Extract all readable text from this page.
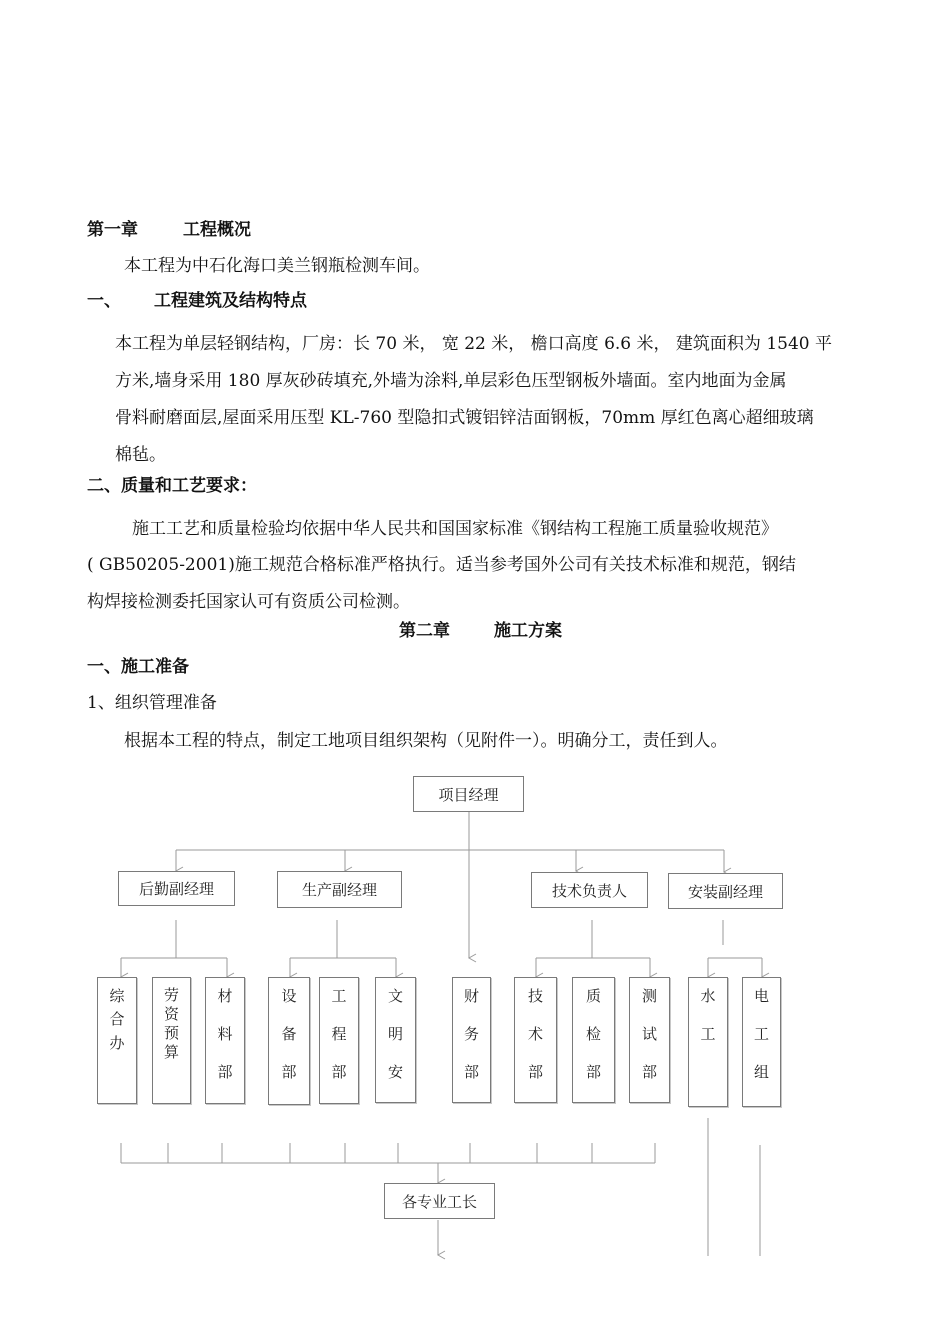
第一章	工程概况
本工程为中石化海口美兰钢瓶检测车间。
一、 工程建筑及结构特点
本工程为单层轻钢结构，厂房：长 70 米， 宽 22 米， 檐口高度 6.6 米， 建筑面积为 1540 平
方米,墙身采用 180 厚灰砂砖填充,外墙为涂料,单层彩色压型钢板外墙面。室内地面为金属
骨料耐磨面层,屋面采用压型 KL-760 型隐扣式镀铝锌洁面钢板，70mm 厚红色离心超细玻璃
棉毡。
二、质量和工艺要求：
施工工艺和质量检验均依据中华人民共和国国家标准《钢结构工程施工质量验收规范》
( GB50205-2001)施工规范合格标准严格执行。适当参考国外公司有关技术标准和规范，钢结
构焊接检测委托国家认可有资质公司检测。
第二章	施工方案
一、施工准备
1、组织管理准备
根据本工程的特点，制定工地项目组织架构（见附件一）。明确分工，责任到人。
项目经理
后勤副经理	生产副经理	技术负责人	安装副经理
综
合
办
劳
资
预
算
材
料
部
设
备
部
工
程
部
文
明
安
财
务
部
技
术
部
质
检
部
测
试
部
水
工
电
工
组
各专业工长
